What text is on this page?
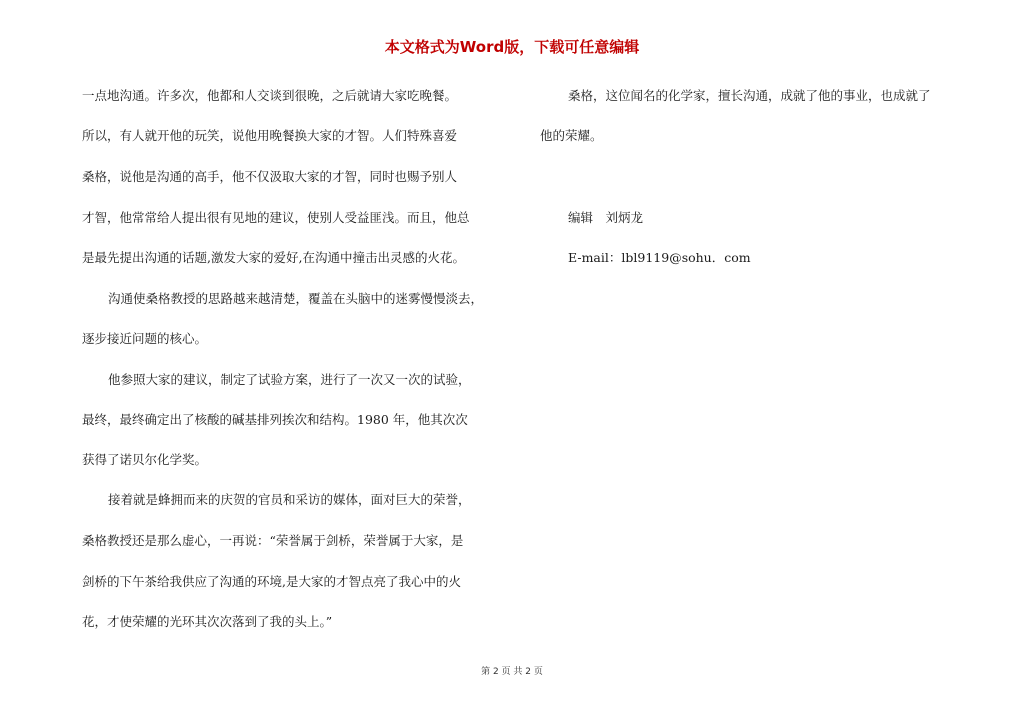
本文格式为Word版，下载可任意编辑
一点地沟通。许多次，他都和人交谈到很晚，之后就请大家吃晚餐。
所以，有人就开他的玩笑，说他用晚餐换大家的才智。人们特殊喜爱
桑格，说他是沟通的高手，他不仅汲取大家的才智，同时也赐予别人
才智，他常常给人提出很有见地的建议，使别人受益匪浅。而且，他总
是最先提出沟通的话题,激发大家的爱好,在沟通中撞击出灵感的火花。
沟通使桑格教授的思路越来越清楚，覆盖在头脑中的迷雾慢慢淡去，
逐步接近问题的核心。
他参照大家的建议，制定了试验方案，进行了一次又一次的试验，
最终，最终确定出了核酸的碱基排列挨次和结构。1980 年，他其次次
获得了诺贝尔化学奖。
接着就是蜂拥而来的庆贺的官员和采访的媒体，面对巨大的荣誉，
桑格教授还是那么虚心，一再说：“荣誉属于剑桥，荣誉属于大家，是
剑桥的下午茶给我供应了沟通的环境,是大家的才智点亮了我心中的火
花，才使荣耀的光环其次次落到了我的头上。”
桑格，这位闻名的化学家，擅长沟通，成就了他的事业，也成就了
他的荣耀。
编辑　刘炳龙
E-mail：lbl9119@sohu．com
第 2 页 共 2 页
